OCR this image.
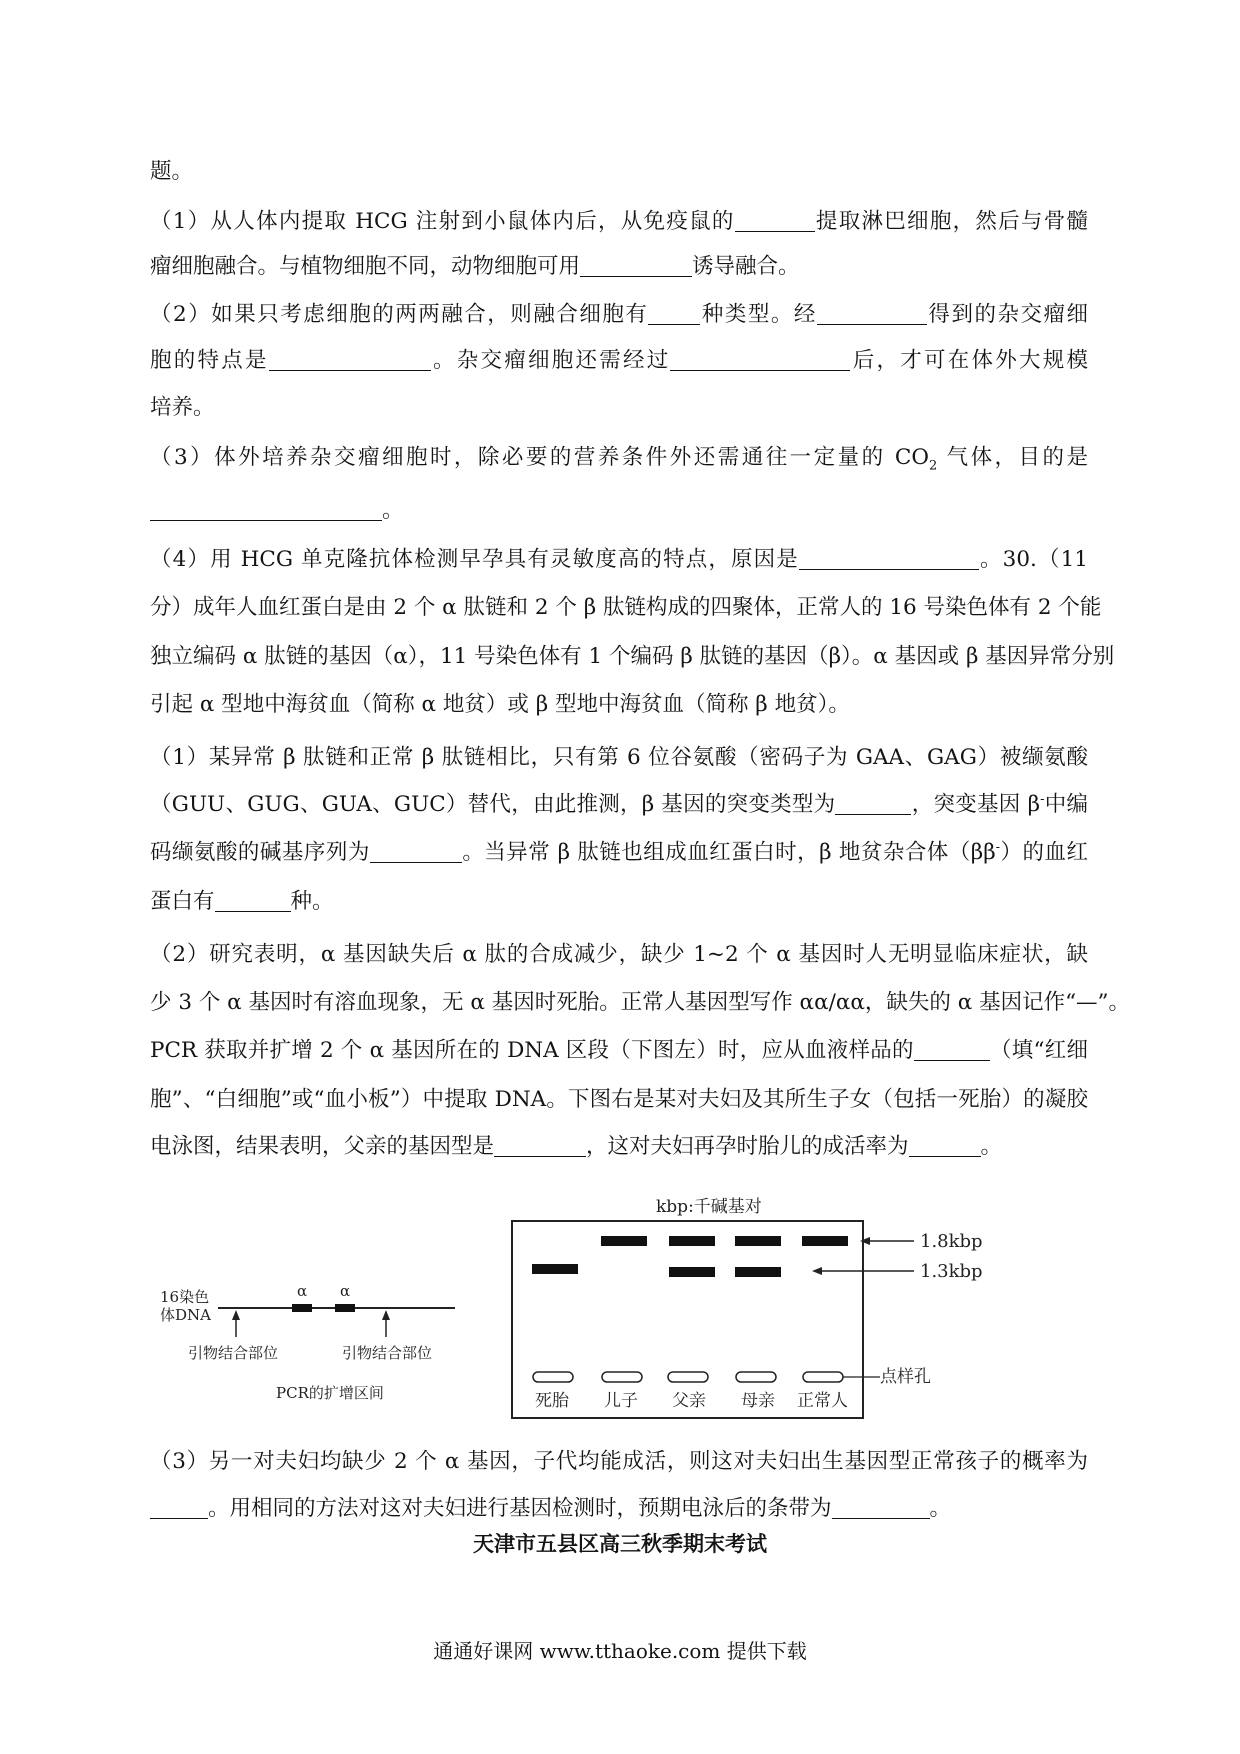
题。
（1）从人体内提取 HCG 注射到小鼠体内后，从免疫鼠的	提取淋巴细胞，然后与骨髓
瘤细胞融合。与植物细胞不同，动物细胞可用	诱导融合。
（2）如果只考虑细胞的两两融合，则融合细胞有 种类型。经	得到的杂交瘤细
胞的特点是	。杂交瘤细胞还需经过	后，才可在体外大规模
培养。
（3）体外培养杂交瘤细胞时，除必要的营养条件外还需通往一定量的 $CO_2$ 气体，目的是
。
（4）用 HCG 单克隆抗体检测早孕具有灵敏度高的特点，原因是	。30.（11
分）成年人血红蛋白是由 2 个 α 肽链和 2 个 β 肽链构成的四聚体，正常人的 16 号染色体有 2 个能
独立编码 α 肽链的基因（α），11 号染色体有 1 个编码 β 肽链的基因（β）。α 基因或 β 基因异常分别
引起 α 型地中海贫血（简称 α 地贫）或 β 型地中海贫血（简称 β 地贫）。
（1）某异常 β 肽链和正常 β 肽链相比，只有第 6 位谷氨酸（密码子为 GAA、GAG）被缬氨酸
（GUU、GUG、GUA、GUC）替代，由此推测，β 基因的突变类型为	，突变基因 β-中编
码缬氨酸的碱基序列为	。当异常 β 肽链也组成血红蛋白时，β 地贫杂合体（ββ-）的血红
蛋白有	种。
（2）研究表明，α 基因缺失后 α 肽的合成减少，缺少 1~2 个 α 基因时人无明显临床症状，缺
少 3 个 α 基因时有溶血现象，无 α 基因时死胎。正常人基因型写作 αα/αα，缺失的 α 基因记作“—”。
PCR 获取并扩增 2 个 α 基因所在的 DNA 区段（下图左）时，应从血液样品的	（填“红细
胞”、“白细胞”或“血小板”）中提取 DNA。下图右是某对夫妇及其所生子女（包括一死胎）的凝胶
电泳图，结果表明，父亲的基因型是	，这对夫妇再孕时胎儿的成活率为	。
16染色
体DNA
α α
引物结合部位	引物结合部位
PCR的扩增区间
kbp:千碱基对
1.8kbp
1.3kbp
点样孔
死胎 儿子 父亲 母亲 正常人
（3）另一对夫妇均缺少 2 个 α 基因，子代均能成活，则这对夫妇出生基因型正常孩子的概率为
。用相同的方法对这对夫妇进行基因检测时，预期电泳后的条带为	。
天津市五县区高三秋季期末考试
通通好课网 www.tthaoke.com 提供下载
